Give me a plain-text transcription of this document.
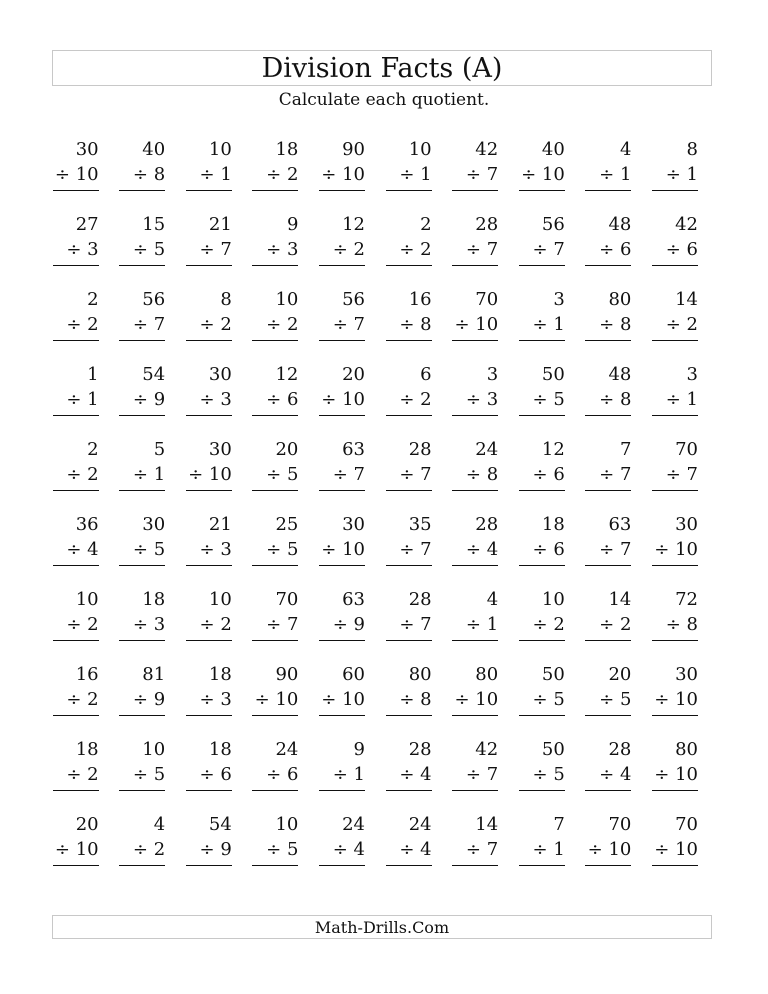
Division Facts (A)
Calculate each quotient.
30
÷ 10
40
÷ 8
10
÷ 1
18
÷ 2
90
÷ 10
10
÷ 1
42
÷ 7
40
÷ 10
4
÷ 1
8
÷ 1
27
÷ 3
15
÷ 5
21
÷ 7
9
÷ 3
12
÷ 2
2
÷ 2
28
÷ 7
56
÷ 7
48
÷ 6
42
÷ 6
2
÷ 2
56
÷ 7
8
÷ 2
10
÷ 2
56
÷ 7
16
÷ 8
70
÷ 10
3
÷ 1
80
÷ 8
14
÷ 2
1
÷ 1
54
÷ 9
30
÷ 3
12
÷ 6
20
÷ 10
6
÷ 2
3
÷ 3
50
÷ 5
48
÷ 8
3
÷ 1
2
÷ 2
5
÷ 1
30
÷ 10
20
÷ 5
63
÷ 7
28
÷ 7
24
÷ 8
12
÷ 6
7
÷ 7
70
÷ 7
36
÷ 4
30
÷ 5
21
÷ 3
25
÷ 5
30
÷ 10
35
÷ 7
28
÷ 4
18
÷ 6
63
÷ 7
30
÷ 10
10
÷ 2
18
÷ 3
10
÷ 2
70
÷ 7
63
÷ 9
28
÷ 7
4
÷ 1
10
÷ 2
14
÷ 2
72
÷ 8
16
÷ 2
81
÷ 9
18
÷ 3
90
÷ 10
60
÷ 10
80
÷ 8
80
÷ 10
50
÷ 5
20
÷ 5
30
÷ 10
18
÷ 2
10
÷ 5
18
÷ 6
24
÷ 6
9
÷ 1
28
÷ 4
42
÷ 7
50
÷ 5
28
÷ 4
80
÷ 10
20
÷ 10
4
÷ 2
54
÷ 9
10
÷ 5
24
÷ 4
24
÷ 4
14
÷ 7
7
÷ 1
70
÷ 10
70
÷ 10
Math-Drills.Com
